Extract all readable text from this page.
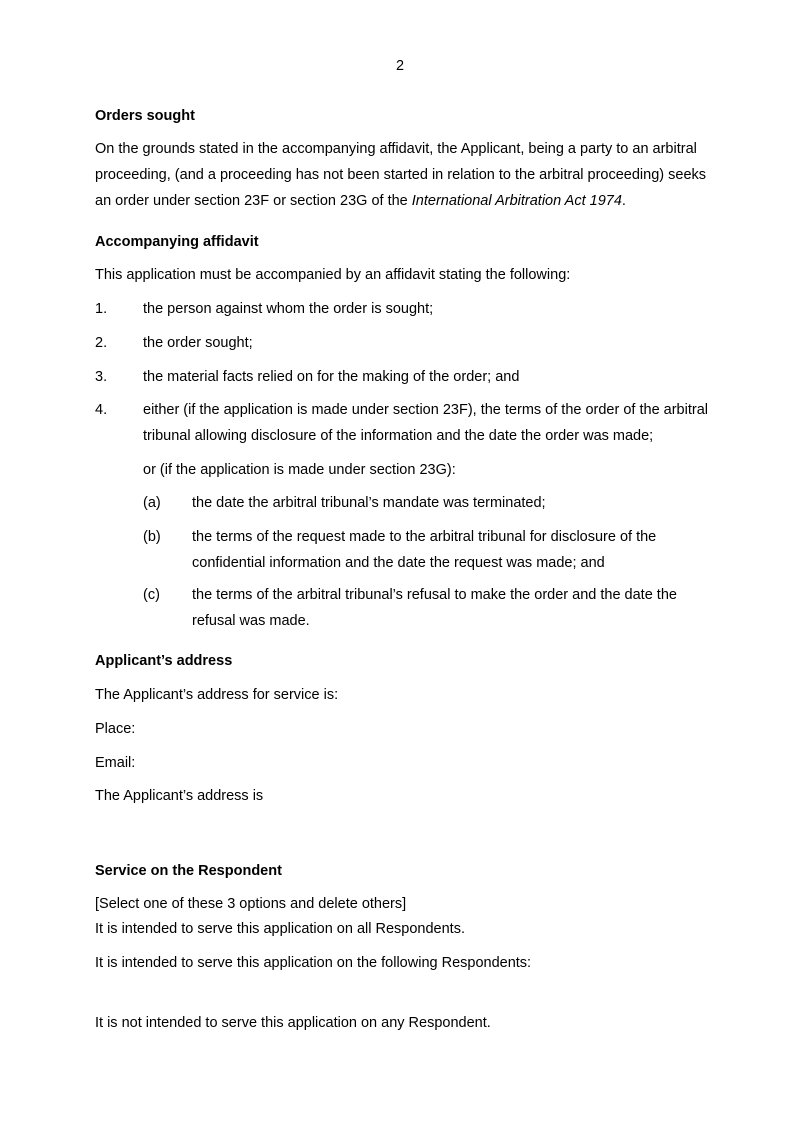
2
Orders sought
On the grounds stated in the accompanying affidavit, the Applicant, being a party to an arbitral
proceeding, (and a proceeding has not been started in relation to the arbitral proceeding) seeks
an order under section 23F or section 23G of the International Arbitration Act 1974.
Accompanying affidavit
This application must be accompanied by an affidavit stating the following:
1. the person against whom the order is sought;
2. the order sought;
3. the material facts relied on for the making of the order; and
4. either (if the application is made under section 23F), the terms of the order of the arbitral
tribunal allowing disclosure of the information and the date the order was made;
or (if the application is made under section 23G):
(a) the date the arbitral tribunal’s mandate was terminated;
(b) the terms of the request made to the arbitral tribunal for disclosure of the
confidential information and the date the request was made; and
(c) the terms of the arbitral tribunal’s refusal to make the order and the date the
refusal was made.
Applicant’s address
The Applicant’s address for service is:
Place:
Email:
The Applicant’s address is
Service on the Respondent
[Select one of these 3 options and delete others]
It is intended to serve this application on all Respondents.
It is intended to serve this application on the following Respondents:
It is not intended to serve this application on any Respondent.
